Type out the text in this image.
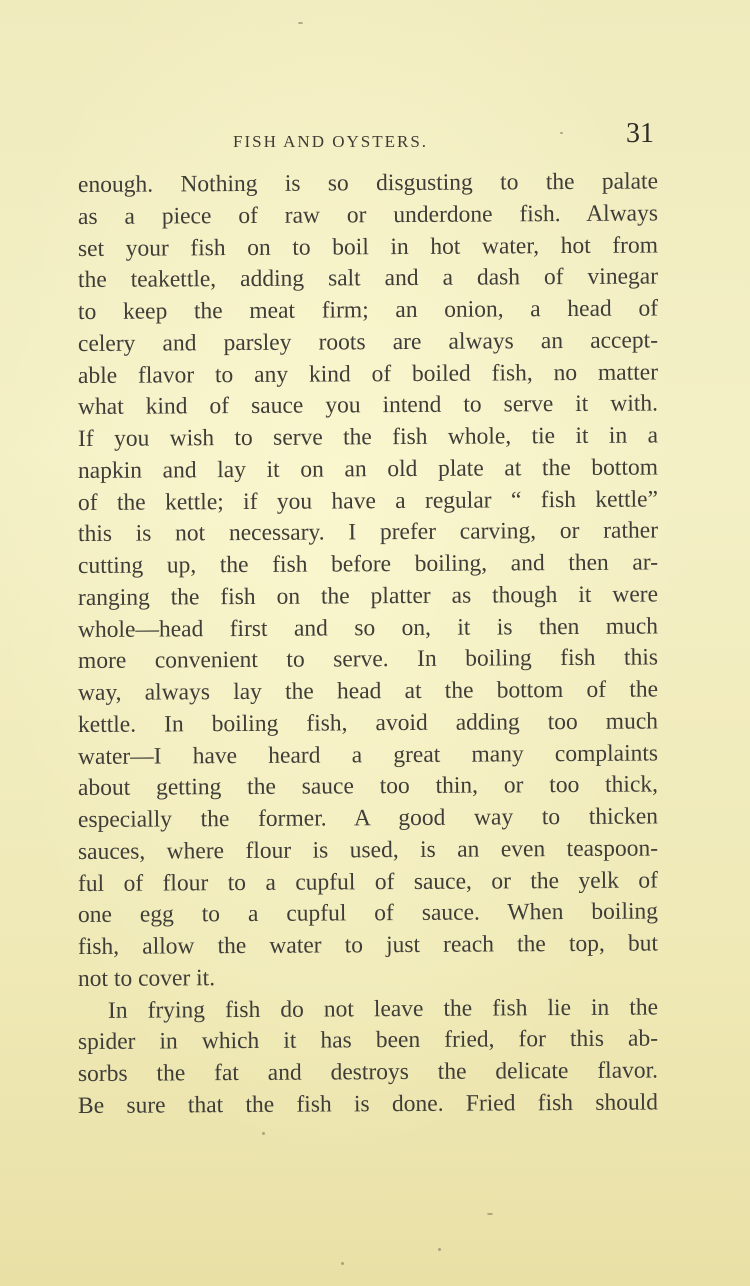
FISH AND OYSTERS.	31
enough. Nothing is so disgusting to the palate
as a piece of raw or underdone fish. Always
set your fish on to boil in hot water, hot from
the teakettle, adding salt and a dash of vinegar
to keep the meat firm; an onion, a head of
celery and parsley roots are always an accept-
able flavor to any kind of boiled fish, no matter
what kind of sauce you intend to serve it with.
If you wish to serve the fish whole, tie it in a
napkin and lay it on an old plate at the bottom
of the kettle; if you have a regular “ fish kettle”
this is not necessary. I prefer carving, or rather
cutting up, the fish before boiling, and then ar-
ranging the fish on the platter as though it were
whole—head first and so on, it is then much
more convenient to serve. In boiling fish this
way, always lay the head at the bottom of the
kettle. In boiling fish, avoid adding too much
water—I have heard a great many complaints
about getting the sauce too thin, or too thick,
especially the former. A good way to thicken
sauces, where flour is used, is an even teaspoon-
ful of flour to a cupful of sauce, or the yelk of
one egg to a cupful of sauce. When boiling
fish, allow the water to just reach the top, but
not to cover it.
In frying fish do not leave the fish lie in the
spider in which it has been fried, for this ab-
sorbs the fat and destroys the delicate flavor.
Be sure that the fish is done. Fried fish should
